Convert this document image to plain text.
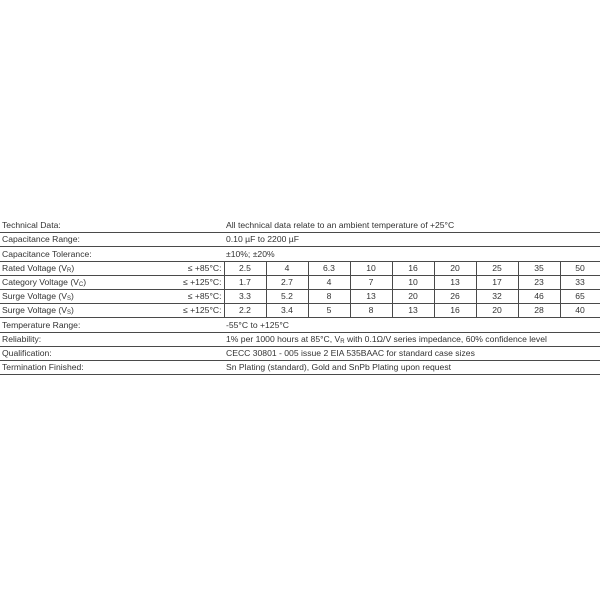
Technical Data:		All technical data relate to an ambient temperature of +25°C								
Capacitance Range:		0.10 µF to 2200 µF								
Capacitance Tolerance:		±10%; ±20%								
Rated Voltage $(V_R)$	≤ +85°C:	2.5	4	6.3	10	16	20	25	35	50
Category Voltage $(V_C)$	≤ +125°C:	1.7	2.7	4	7	10	13	17	23	33
Surge Voltage $(V_S)$	≤ +85°C:	3.3	5.2	8	13	20	26	32	46	65
Surge Voltage $(V_S)$	≤ +125°C:	2.2	3.4	5	8	13	16	20	28	40
Temperature Range:		-55°C to +125°C								
Reliability:		1% per 1000 hours at 85°C, $V_R$ with 0.1Ω/V series impedance, 60% confidence level								
Qualification:		CECC 30801 - 005 issue 2 EIA 535BAAC for standard case sizes								
Termination Finished:		Sn Plating (standard), Gold and SnPb Plating upon request								
